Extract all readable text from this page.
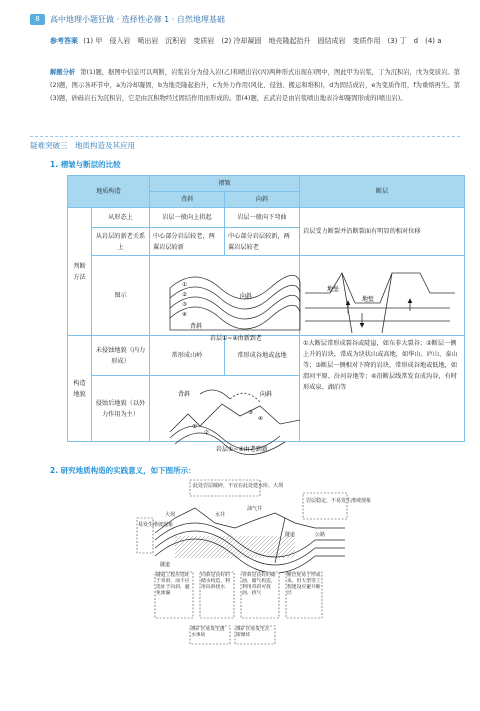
8	高中地理小题狂做 · 选择性必修 1 · 自然地理基础
参考答案 (1) 甲　侵入岩　喷出岩　沉积岩　变质岩　(2) 冷却凝固　地壳隆起抬升　固结成岩　变质作用　(3) 丁　d　(4) a
解题分析 第(1)题，据图中信息可以判断，岩浆岩分为侵入岩(乙)和喷出岩(丙)两种形式出现在Ⅰ图中，图此甲为岩浆，丁为沉积岩，戊为变质岩。第(2)题，图示各环节中，a为冷却凝固，b为地壳隆起抬升，c为外力作用(风化、侵蚀、搬运和堆积)，d为固结成岩，e为变质作用，f为重熔再生。第(3)题，砂砾岩石为沉积岩，它是由沉积物经过固结作用而形成的。第(4)题，玄武岩是由岩浆喷出地表冷却凝固形成的(喷出岩)。
疑难突破三　地质构造及其应用
1. 褶皱与断层的比较
地质构造		褶皱		断层
		背斜	向斜	
判断方法	从形态上	岩层一般向上拱起	岩层一般向下弯曲	岩层受力断裂并沿断裂面有明显的相对位移
	从岩层的新老关系上	中心部分岩层较老，两翼岩层较新	中心部分岩层较新，两翼岩层较老	
	图示			
构造地貌	未侵蚀地貌（内力形成）	常形成山岭	常形成谷地或盆地	①大断层常形成裂谷或陡崖，如东非大裂谷；②断层一侧上升的岩块，常成为块状山或高地，如华山、庐山、泰山等；③断层一侧相对下降的岩块，常形成谷地或低地，如渭河平原、汾河谷地等；④沿断层线常发育成沟谷，有时形成泉、湖泊等
	侵蚀后地貌（以外力作用为主）			
①
②
③
④
向斜
背斜
岩层①~④由新到老
地垒
地堑
背斜	向斜
①
②
③
④
岩层①~④由老到新
2. 研究地质构造的实践意义，如下图所示：
此处岩层破碎，不宜在此处建水库、大坝
岩层稳定，不易发生滑坡现象
易发生滑坡现象
大坝	水井
油气井
隧道
隧道	公路
隧道工程应选址于背斜，而不应选址于向斜，避免渗漏
向斜是良好的储水构造，利用向斜找水
背斜是良好的储油、储气构造，利用背斜可找油、找气
断层处易于形成泉，但大型等工程建设应避开断层
煤矿区易发生透水事故
煤矿区易发生瓦斯爆炸
